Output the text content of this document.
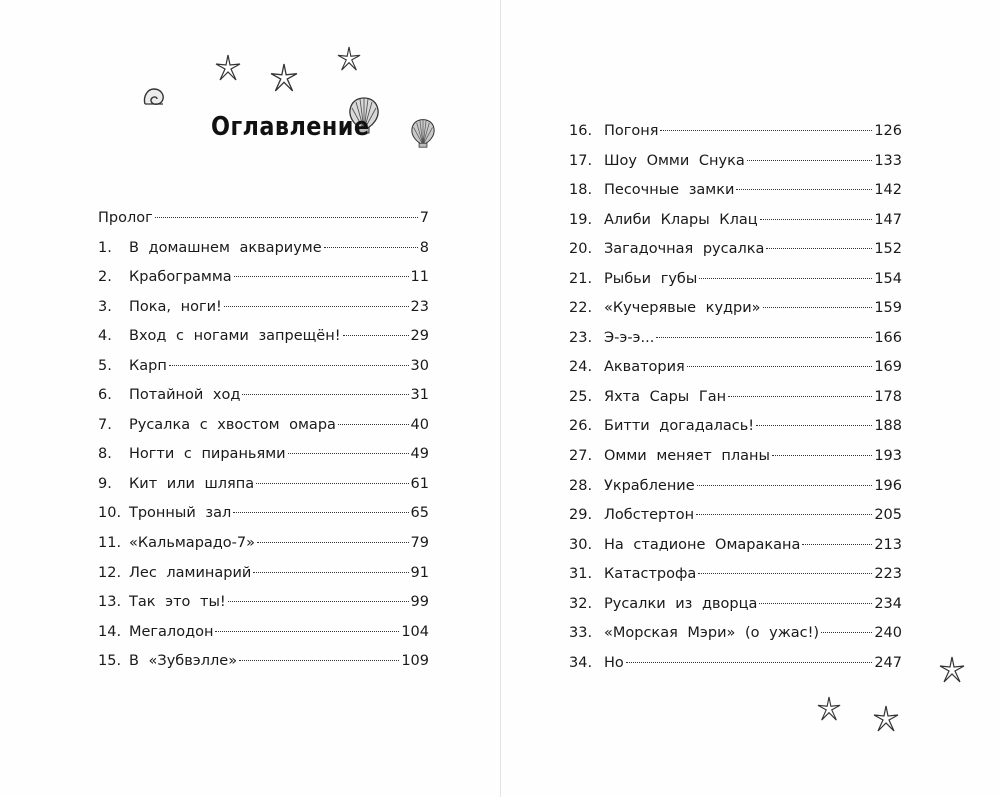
Оглавление
Пролог	7
1.	В домашнем аквариуме	8
2.	Крабограмма	11
3.	Пока, ноги!	23
4.	Вход с ногами запрещён!	29
5.	Карп	30
6.	Потайной ход	31
7.	Русалка с хвостом омара	40
8.	Ногти с пираньями	49
9.	Кит или шляпа	61
10. Тронный зал	65
11. «Кальмарадо-7»	79
12. Лес ламинарий	91
13. Так это ты!	99
14. Мегалодон	104
15. В «Зубвэлле»	109
16. Погоня	126
17. Шоу Омми Снука	133
18. Песочные замки	142
19. Алиби Клары Клац	147
20. Загадочная русалка	152
21. Рыбьи губы	154
22. «Кучерявые кудри»	159
23. Э-э-э...	166
24. Акватория	169
25. Яхта Сары Ган	178
26. Битти догадалась!	188
27. Омми меняет планы	193
28. Украбление	196
29. Лобстертон	205
30. На стадионе Омаракана	213
31. Катастрофа	223
32. Русалки из дворца	234
33. «Морская Мэри» (о ужас!)	240
34. Но	247
